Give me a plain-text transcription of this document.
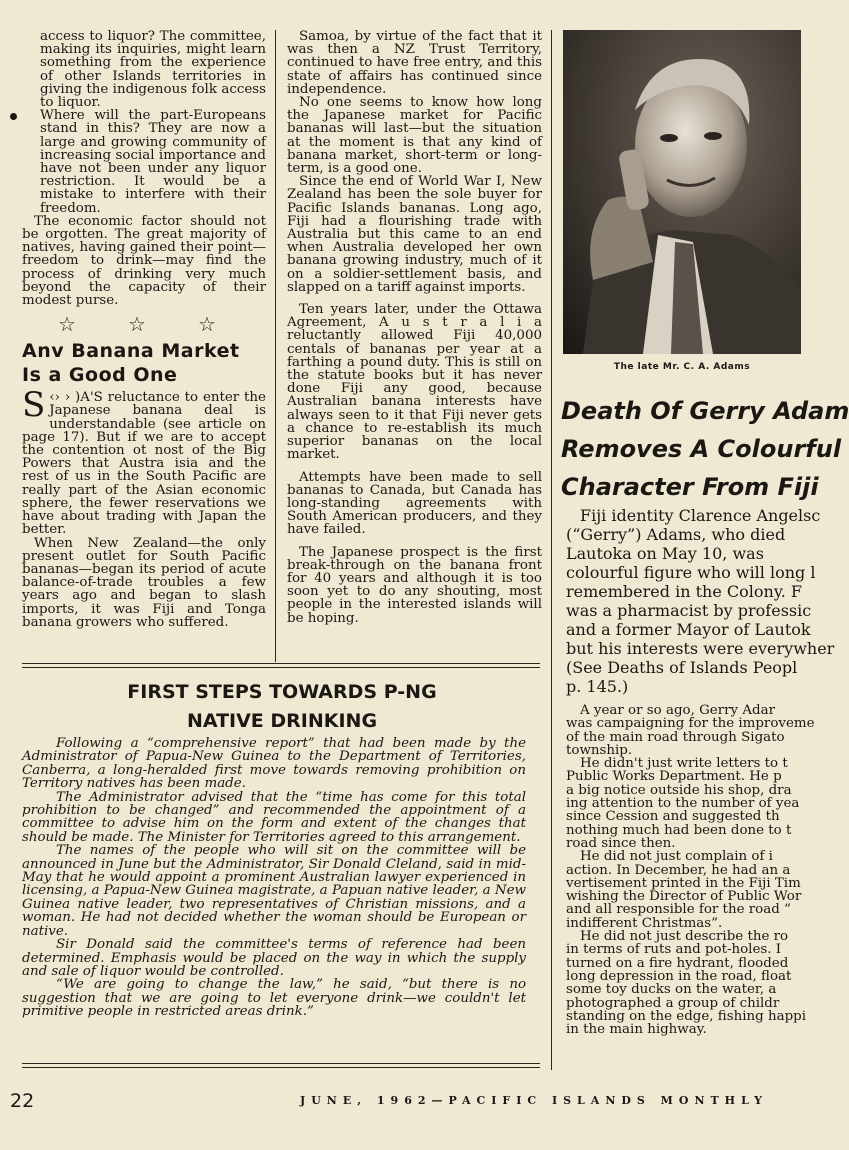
access to liquor? The committee, making its inquiries, might learn something from the experience of other Islands territories in giving the indigenous folk access to liquor.

Where will the part-Europeans stand in this? They are now a large and growing community of increasing social importance and have not been under any liquor restriction. It would be a mistake to interfere with their freedom.

The economic factor should not be orgotten. The great majority of natives, having gained their point—freedom to drink—may find the process of drinking very much beyond the capacity of their modest purse.

☆	☆	☆
Anv Banana Market
Is a Good One

S ‹› › )A'S reluctance to enter the Japanese banana deal is understandable (see article on page 17). But if we are to accept the contention ot nost of the Big Powers that Austra isia and the rest of us in the South Pacific are really part of the Asian economic sphere, the fewer reservations we have about trading with Japan the better.

When New Zealand—the only present outlet for South Pacific bananas—began its period of acute balance-of-trade troubles a few years ago and began to slash imports, it was Fiji and Tonga banana growers who suffered.

Samoa, by virtue of the fact that it was then a NZ Trust Territory, continued to have free entry, and this state of affairs has continued since independence.

No one seems to know how long the Japanese market for Pacific bananas will last—but the situation at the moment is that any kind of banana market, short-term or long-term, is a good one.

Since the end of World War I, New Zealand has been the sole buyer for Pacific Islands bananas. Long ago, Fiji had a flourishing trade with Australia but this came to an end when Australia developed her own banana growing industry, much of it on a soldier-settlement basis, and slapped on a tariff against imports.

Ten years later, under the Ottawa Agreement, A u s t r a l i a reluctantly allowed Fiji 40,000 centals of bananas per year at a farthing a pound duty. This is still on the statute books but it has never done Fiji any good, because Australian banana interests have always seen to it that Fiji never gets a chance to re-establish its much superior bananas on the local market.

Attempts have been made to sell bananas to Canada, but Canada has long-standing agreements with South American producers, and they have failed.

The Japanese prospect is the first break-through on the banana front for 40 years and although it is too soon yet to do any shouting, most people in the interested islands will be hoping.

The late Mr. C. A. Adams
Death Of Gerry Adam
Removes A Colourful
Character From Fiji
Fiji identity Clarence Angelsc
(“Gerry”) Adams, who died
Lautoka on May 10, was
colourful figure who will long l
remembered in the Colony. F
was a pharmacist by professic
and a former Mayor of Lautok
but his interests were everywher
(See Deaths of Islands Peopl
p. 145.)
A year or so ago, Gerry Adar
was campaigning for the improveme
of the main road through Sigato
township.
He didn't just write letters to t
Public Works Department. He p
a big notice outside his shop, dra
ing attention to the number of yea
since Cession and suggested th
nothing much had been done to t
road since then.
He did not just complain of i
action. In December, he had an a
vertisement printed in the Fiji Tim
wishing the Director of Public Wor
and all responsible for the road “
indifferent Christmas”.
He did not just describe the ro
in terms of ruts and pot-holes. I
turned on a fire hydrant, flooded
long depression in the road, float
some toy ducks on the water, a
photographed a group of childr
standing on the edge, fishing happi
in the main highway.
FIRST STEPS TOWARDS P-NG
NATIVE DRINKING

Following a “comprehensive report” that had been made by the Administrator of Papua-New Guinea to the Department of Territories, Canberra, a long-heralded first move towards removing prohibition on Territory natives has been made.

The Administrator advised that the “time has come for this total prohibition to be changed” and recommended the appointment of a committee to advise him on the form and extent of the changes that should be made. The Minister for Territories agreed to this arrangement.

The names of the people who will sit on the committee will be announced in June but the Administrator, Sir Donald Cleland, said in mid-May that he would appoint a prominent Australian lawyer experienced in licensing, a Papua-New Guinea magistrate, a Papuan native leader, a New Guinea native leader, two representatives of Christian missions, and a woman. He had not decided whether the woman should be European or native.

Sir Donald said the committee's terms of reference had been determined. Emphasis would be placed on the way in which the supply and sale of liquor would be controlled.

“We are going to change the law,” he said, “but there is no suggestion that we are going to let everyone drink—we couldn't let primitive people in restricted areas drink.”

22	JUNE, 1962—PACIFIC ISLANDS MONTHLY
